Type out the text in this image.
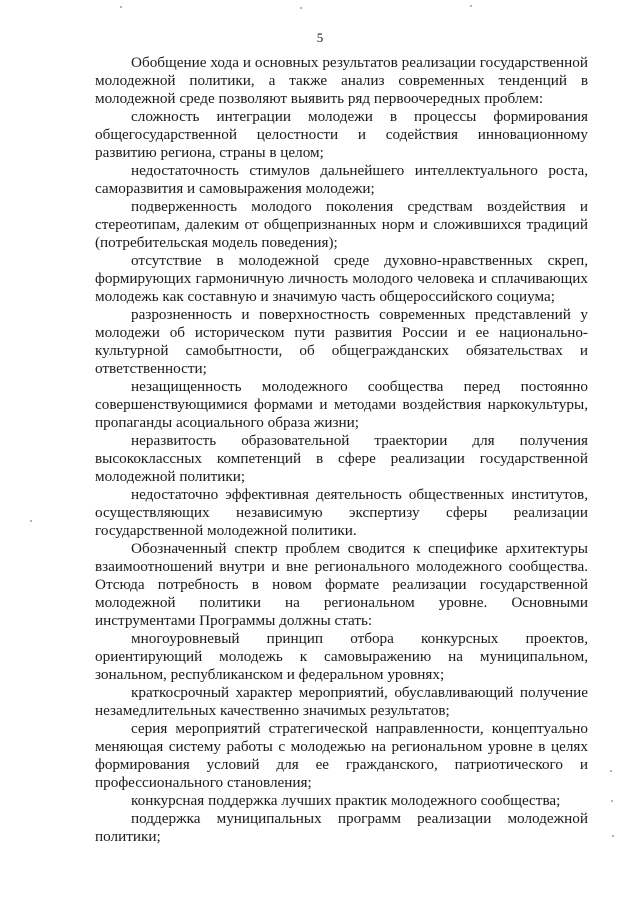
5

Обобщение хода и основных результатов реализации государственной молодежной политики, а также анализ современных тенденций в молодежной среде позволяют выявить ряд первоочередных проблем:

сложность интеграции молодежи в процессы формирования общегосударственной целостности и содействия инновационному развитию региона, страны в целом;

недостаточность стимулов дальнейшего интеллектуального роста, саморазвития и самовыражения молодежи;

подверженность молодого поколения средствам воздействия и стереотипам, далеким от общепризнанных норм и сложившихся традиций (потребительская модель поведения);

отсутствие в молодежной среде духовно-нравственных скреп, формирующих гармоничную личность молодого человека и сплачивающих молодежь как составную и значимую часть общероссийского социума;

разрозненность и поверхностность современных представлений у молодежи об историческом пути развития России и ее национально-культурной самобытности, об общегражданских обязательствах и ответственности;

незащищенность молодежного сообщества перед постоянно совершенствующимися формами и методами воздействия наркокультуры, пропаганды асоциального образа жизни;

неразвитость образовательной траектории для получения высококлассных компетенций в сфере реализации государственной молодежной политики;

недостаточно эффективная деятельность общественных институтов, осуществляющих независимую экспертизу сферы реализации государственной молодежной политики.

Обозначенный спектр проблем сводится к специфике архитектуры взаимоотношений внутри и вне регионального молодежного сообщества. Отсюда потребность в новом формате реализации государственной молодежной политики на региональном уровне. Основными инструментами Программы должны стать:

многоуровневый принцип отбора конкурсных проектов, ориентирующий молодежь к самовыражению на муниципальном, зональном, республиканском и федеральном уровнях;

краткосрочный характер мероприятий, обуславливающий получение незамедлительных качественно значимых результатов;

серия мероприятий стратегической направленности, концептуально меняющая систему работы с молодежью на региональном уровне в целях формирования условий для ее гражданского, патриотического и профессионального становления;

конкурсная поддержка лучших практик молодежного сообщества;

поддержка муниципальных программ реализации молодежной политики;
